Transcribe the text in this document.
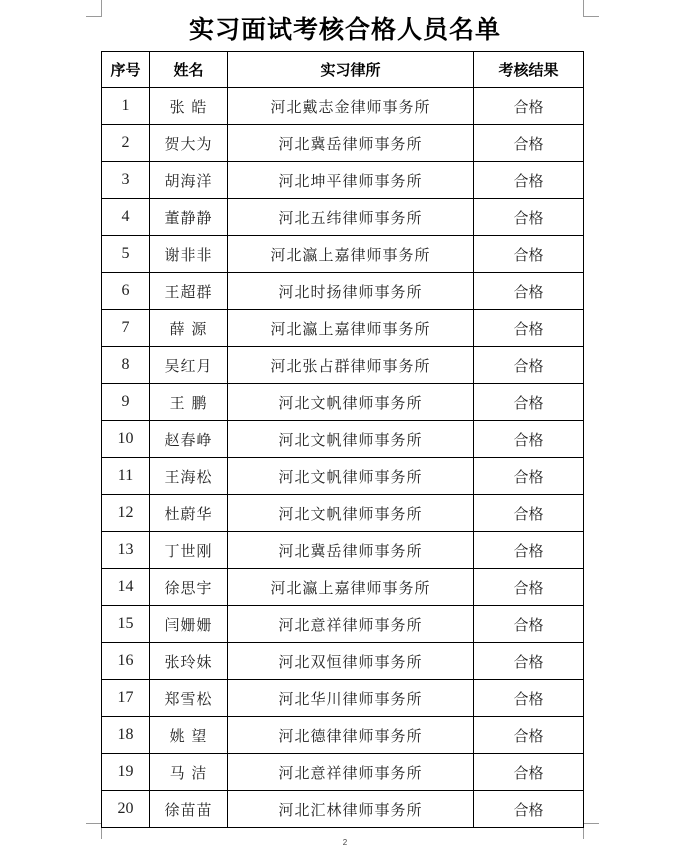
实习面试考核合格人员名单
序号	姓名	实习律所	考核结果
1	张 皓	河北戴志金律师事务所	合格
2	贺大为	河北冀岳律师事务所	合格
3	胡海洋	河北坤平律师事务所	合格
4	董静静	河北五纬律师事务所	合格
5	谢非非	河北瀛上嘉律师事务所	合格
6	王超群	河北时扬律师事务所	合格
7	薛 源	河北瀛上嘉律师事务所	合格
8	吴红月	河北张占群律师事务所	合格
9	王 鹏	河北文帆律师事务所	合格
10	赵春峥	河北文帆律师事务所	合格
11	王海松	河北文帆律师事务所	合格
12	杜蔚华	河北文帆律师事务所	合格
13	丁世刚	河北冀岳律师事务所	合格
14	徐思宇	河北瀛上嘉律师事务所	合格
15	闫姗姗	河北意祥律师事务所	合格
16	张玲妹	河北双恒律师事务所	合格
17	郑雪松	河北华川律师事务所	合格
18	姚 望	河北德律律师事务所	合格
19	马 洁	河北意祥律师事务所	合格
20	徐苗苗	河北汇林律师事务所	合格
2
